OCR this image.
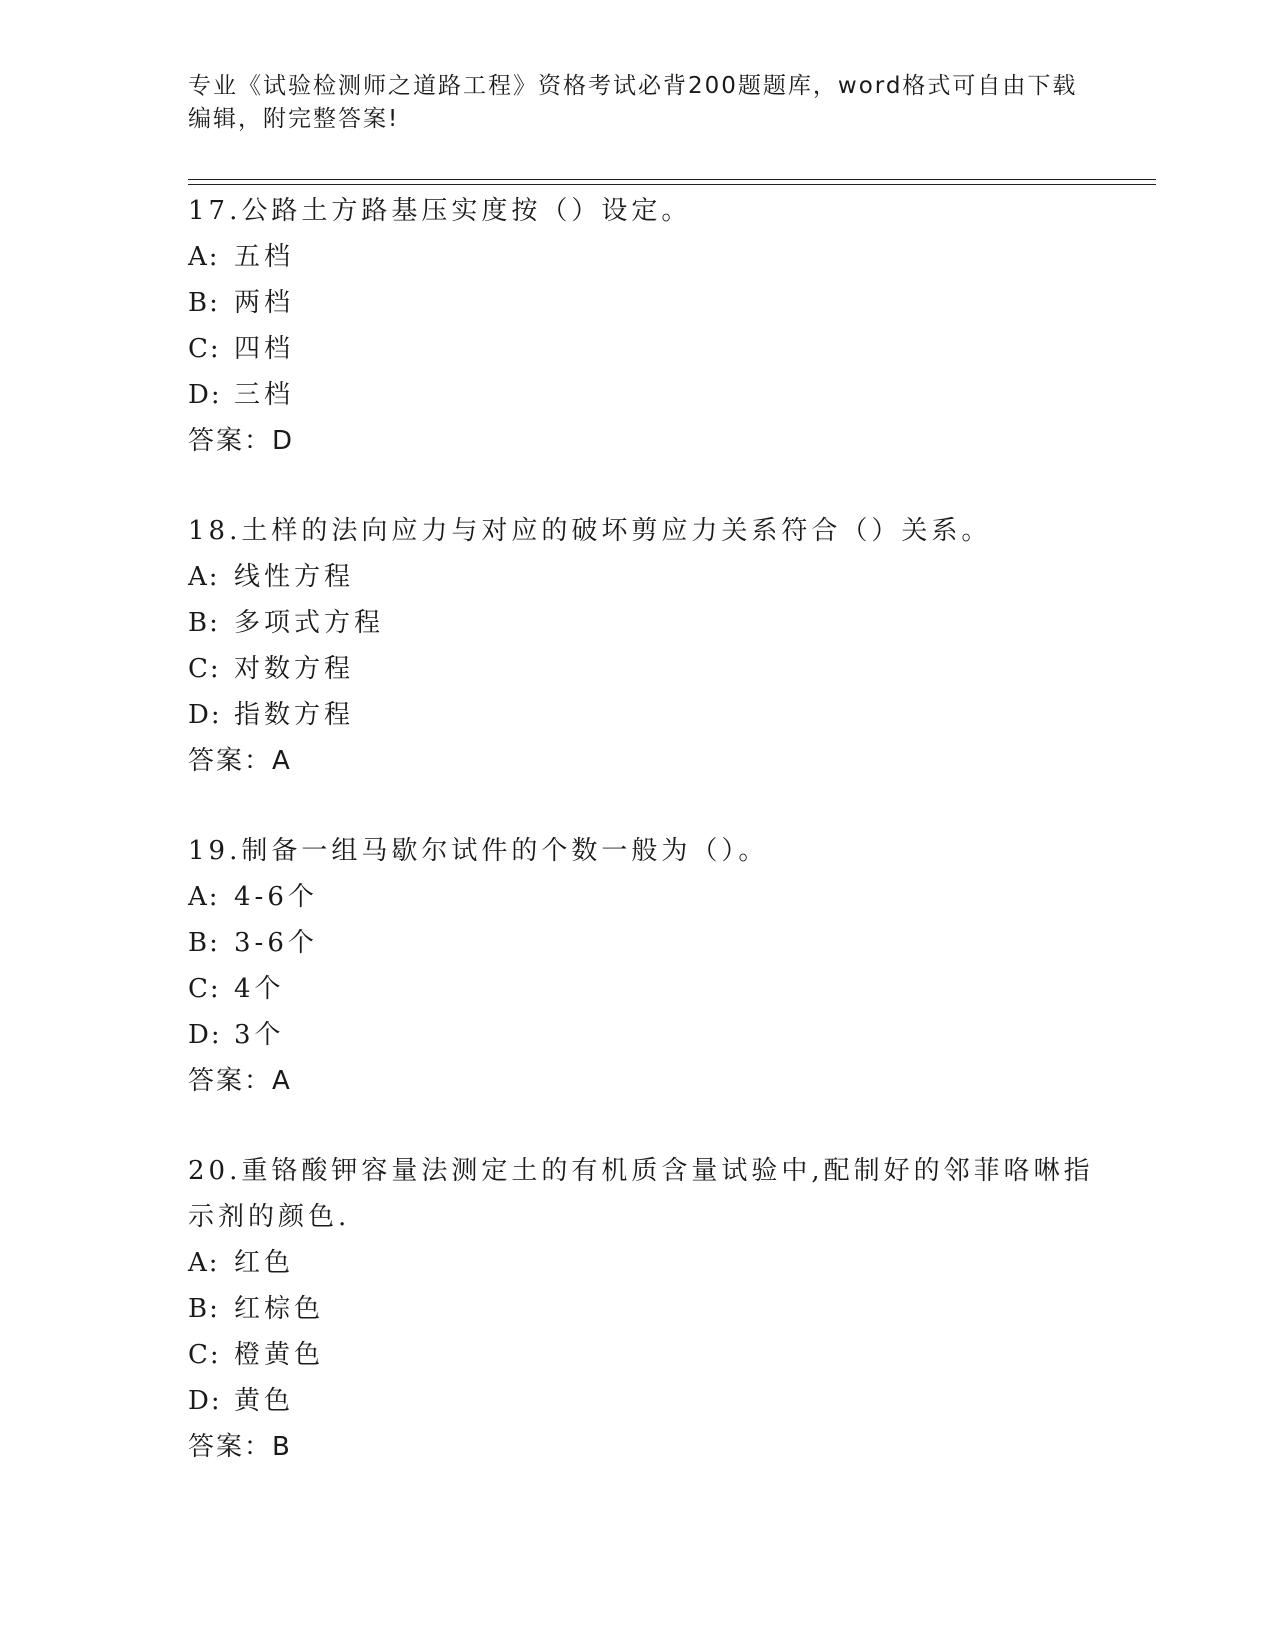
专业《试验检测师之道路工程》资格考试必背200题题库，word格式可自由下载

编辑，附完整答案!

17.公路土方路基压实度按（）设定。
A: 五档
B: 两档
C: 四档
D: 三档
答案：D
18.土样的法向应力与对应的破坏剪应力关系符合（）关系。
A: 线性方程
B: 多项式方程
C: 对数方程
D: 指数方程
答案：A
19.制备一组马歇尔试件的个数一般为（）。
A: 4-6个
B: 3-6个
C: 4个
D: 3个
答案：A
20.重铬酸钾容量法测定土的有机质含量试验中,配制好的邻菲咯啉指
示剂的颜色.
A: 红色
B: 红棕色
C: 橙黄色
D: 黄色
答案：B
